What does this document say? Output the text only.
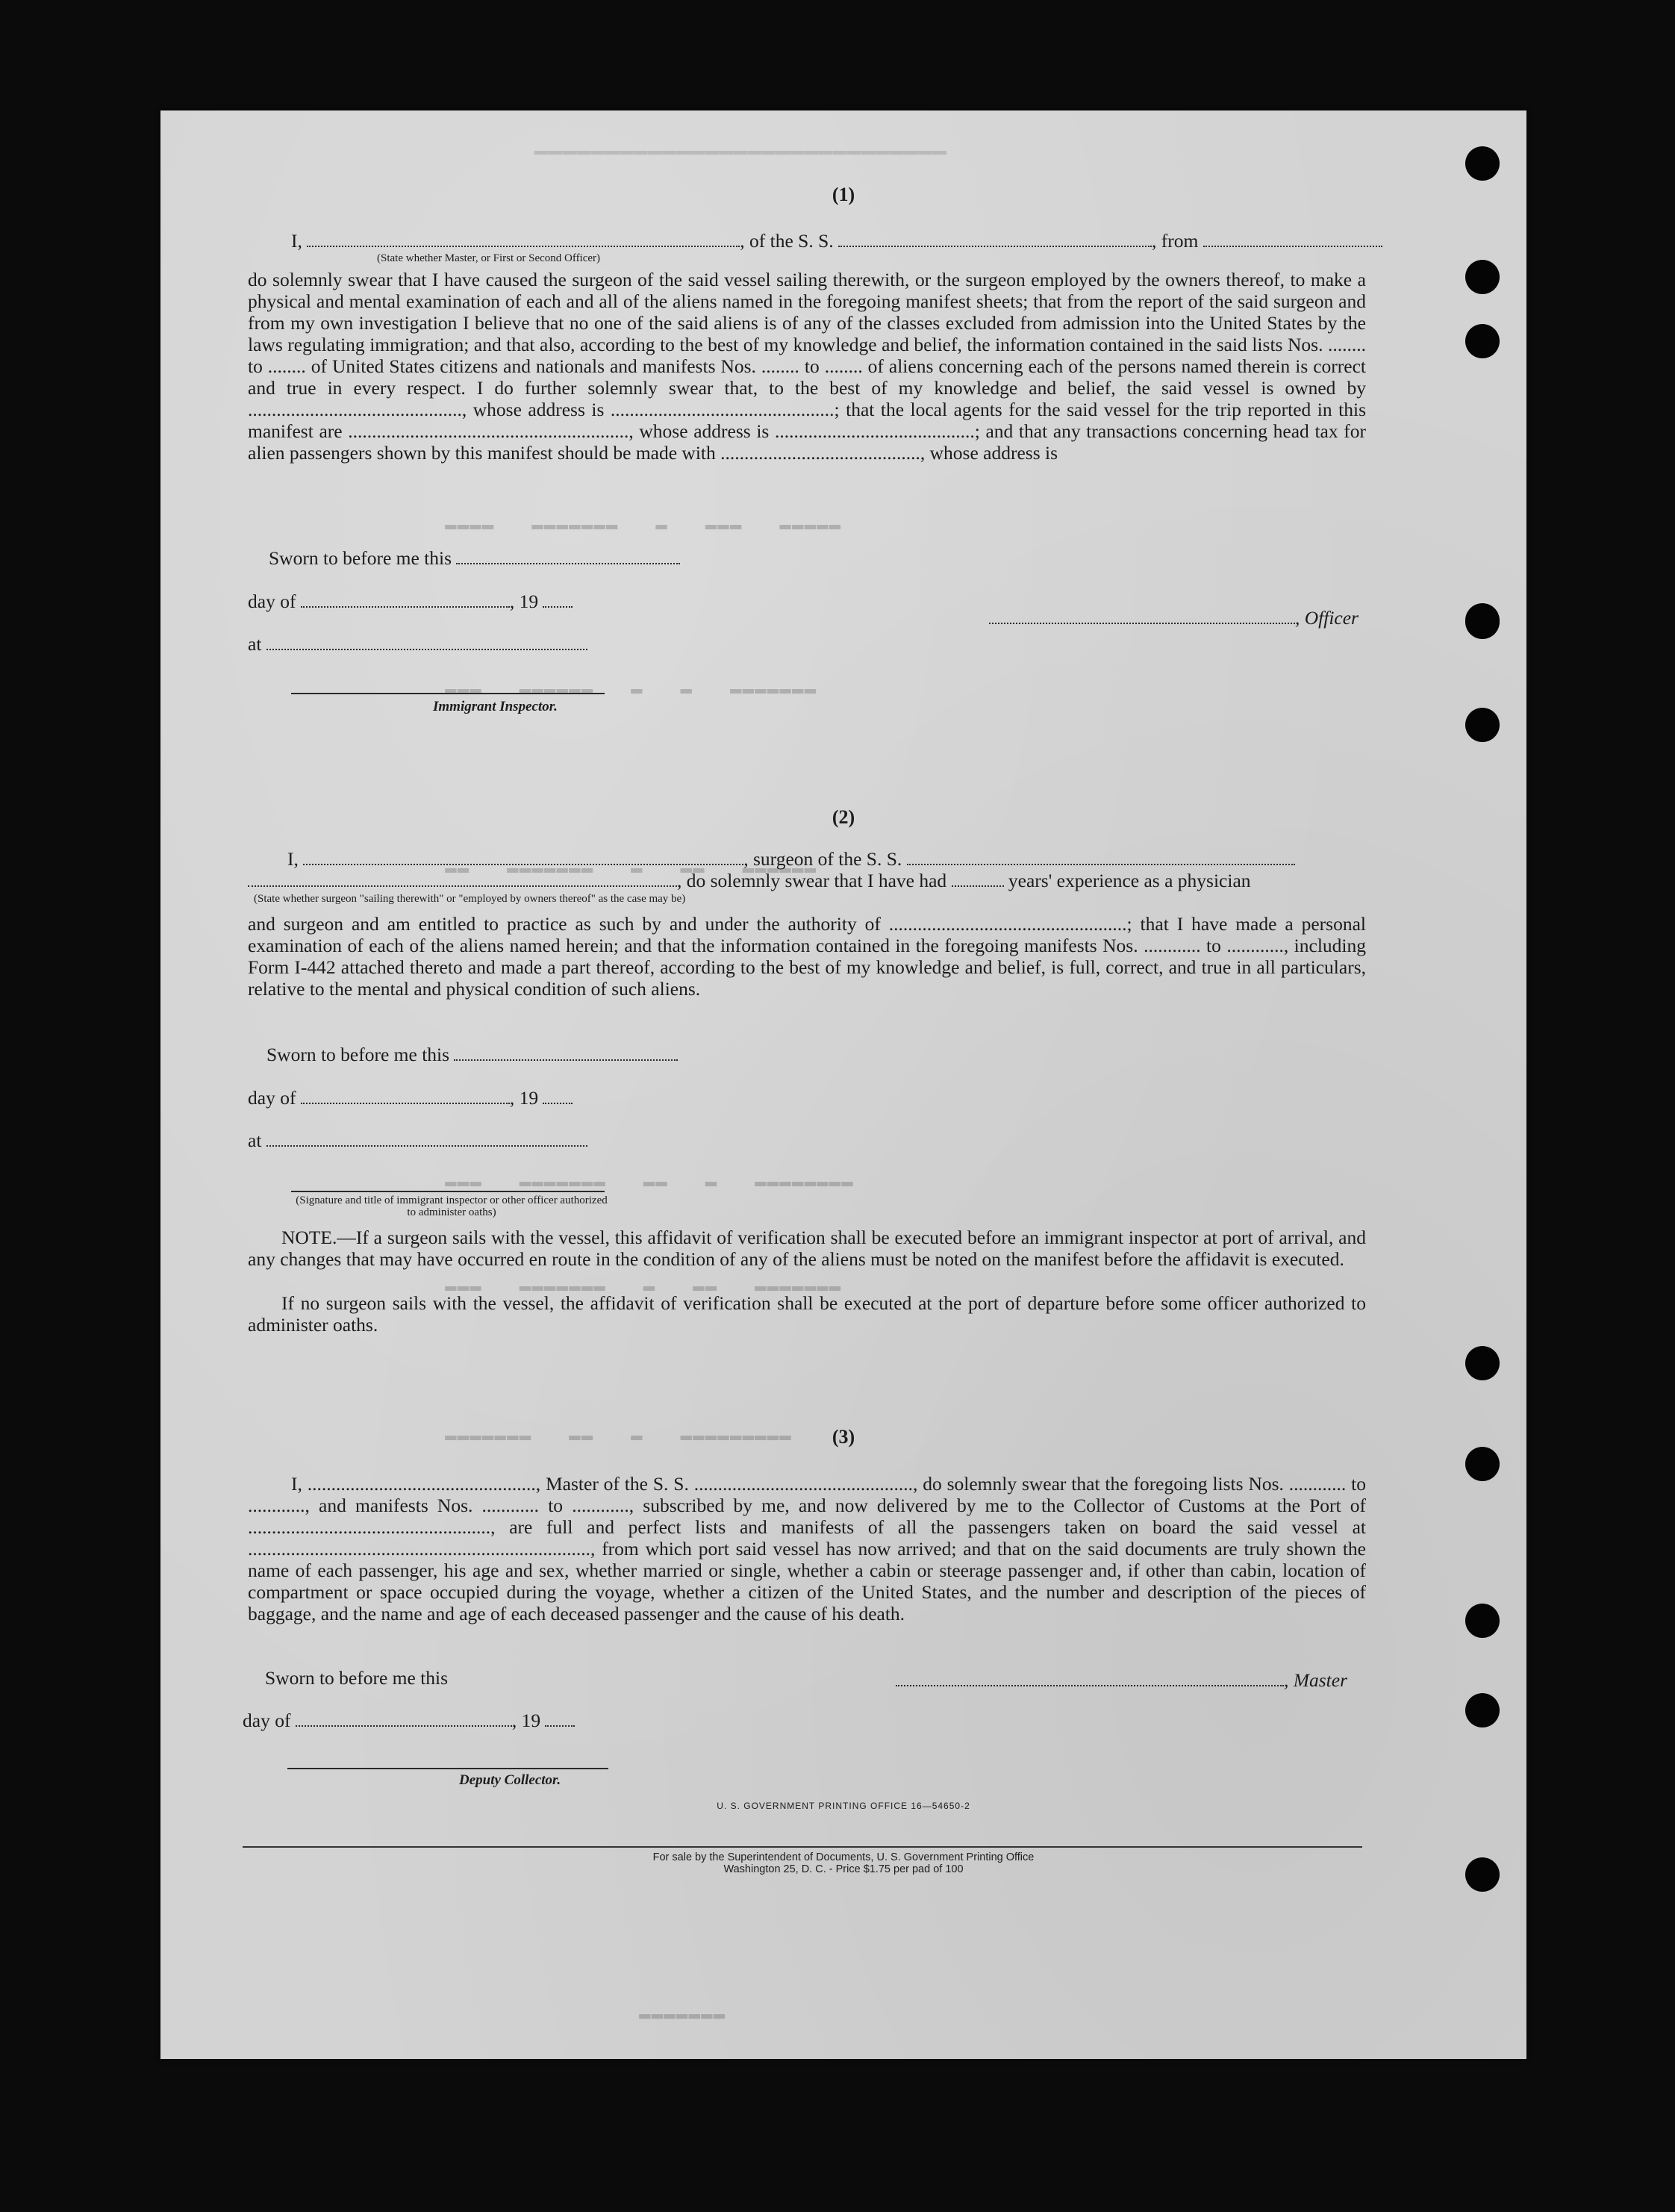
━━━━━━━━━━━━━━━━━━━━━━━━━━━━━
▬▬▬▬▬   ▬▬▬   ▬   ▬▬▬▬▬▬▬   ▬▬▬▬
▬▬▬▬▬▬▬   ▬   ▬   ▬▬▬▬▬▬   ▬▬▬
▬▬▬▬▬▬   ▬▬   ▬   ▬▬▬▬▬▬▬   ▬▬
▬▬▬▬▬▬▬▬   ▬   ▬▬   ▬▬▬▬▬▬▬   ▬▬▬
▬▬▬▬▬▬▬   ▬▬   ▬   ▬▬▬▬▬▬▬   ▬▬▬
▬▬▬▬▬▬▬▬▬   ▬   ▬▬   ▬▬▬▬▬▬▬
▬▬▬▬▬▬▬
(1)
I,	, of the S. S.	, from
(State whether Master, or First or Second Officer)
do solemnly swear that I have caused the surgeon of the said vessel sailing therewith, or the surgeon employed by the owners thereof, to make a physical and mental examination of each and all of the aliens named in the foregoing manifest sheets; that from the report of the said surgeon and from my own investigation I believe that no one of the said aliens is of any of the classes excluded from admission into the United States by the laws regulating immigration; and that also, according to the best of my knowledge and belief, the information contained in the said lists Nos. ........ to ........ of United States citizens and nationals and manifests Nos. ........ to ........ of aliens concerning each of the persons named therein is correct and true in every respect. I do further solemnly swear that, to the best of my knowledge and belief, the said vessel is owned by ............................................., whose address is ...............................................; that the local agents for the said vessel for the trip reported in this manifest are ..........................................................., whose address is ..........................................; and that any transactions concerning head tax for alien passengers shown by this manifest should be made with .........................................., whose address is
Sworn to before me this
day of	, 19
, Officer
at
Immigrant Inspector.
(2)
I,	, surgeon of the S. S.
, do solemnly swear that I have had	years' experience as a physician
(State whether surgeon "sailing therewith" or "employed by owners thereof" as the case may be)
and surgeon and am entitled to practice as such by and under the authority of ..................................................; that I have made a personal examination of each of the aliens named herein; and that the information contained in the foregoing manifests Nos. ............ to ............, including Form I-442 attached thereto and made a part thereof, according to the best of my knowledge and belief, is full, correct, and true in all particulars, relative to the mental and physical condition of such aliens.
Sworn to before me this
day of	, 19
at
(Signature and title of immigrant inspector or other officer authorized to administer oaths)
NOTE.—If a surgeon sails with the vessel, this affidavit of verification shall be executed before an immigrant inspector at port of arrival, and any changes that may have occurred en route in the condition of any of the aliens must be noted on the manifest before the affidavit is executed.
If no surgeon sails with the vessel, the affidavit of verification shall be executed at the port of departure before some officer authorized to administer oaths.
(3)
I, ................................................, Master of the S. S. .............................................., do solemnly swear that the foregoing lists Nos. ............ to ............, and manifests Nos. ............ to ............, subscribed by me, and now delivered by me to the Collector of Customs at the Port of ..................................................., are full and perfect lists and manifests of all the passengers taken on board the said vessel at ........................................................................, from which port said vessel has now arrived; and that on the said documents are truly shown the name of each passenger, his age and sex, whether married or single, whether a cabin or steerage passenger and, if other than cabin, location of compartment or space occupied during the voyage, whether a citizen of the United States, and the number and description of the pieces of baggage, and the name and age of each deceased passenger and the cause of his death.
Sworn to before me this	, Master
day of	, 19
Deputy Collector.
U. S. GOVERNMENT PRINTING OFFICE 16—54650-2
For sale by the Superintendent of Documents, U. S. Government Printing Office
Washington 25, D. C. - Price $1.75 per pad of 100
